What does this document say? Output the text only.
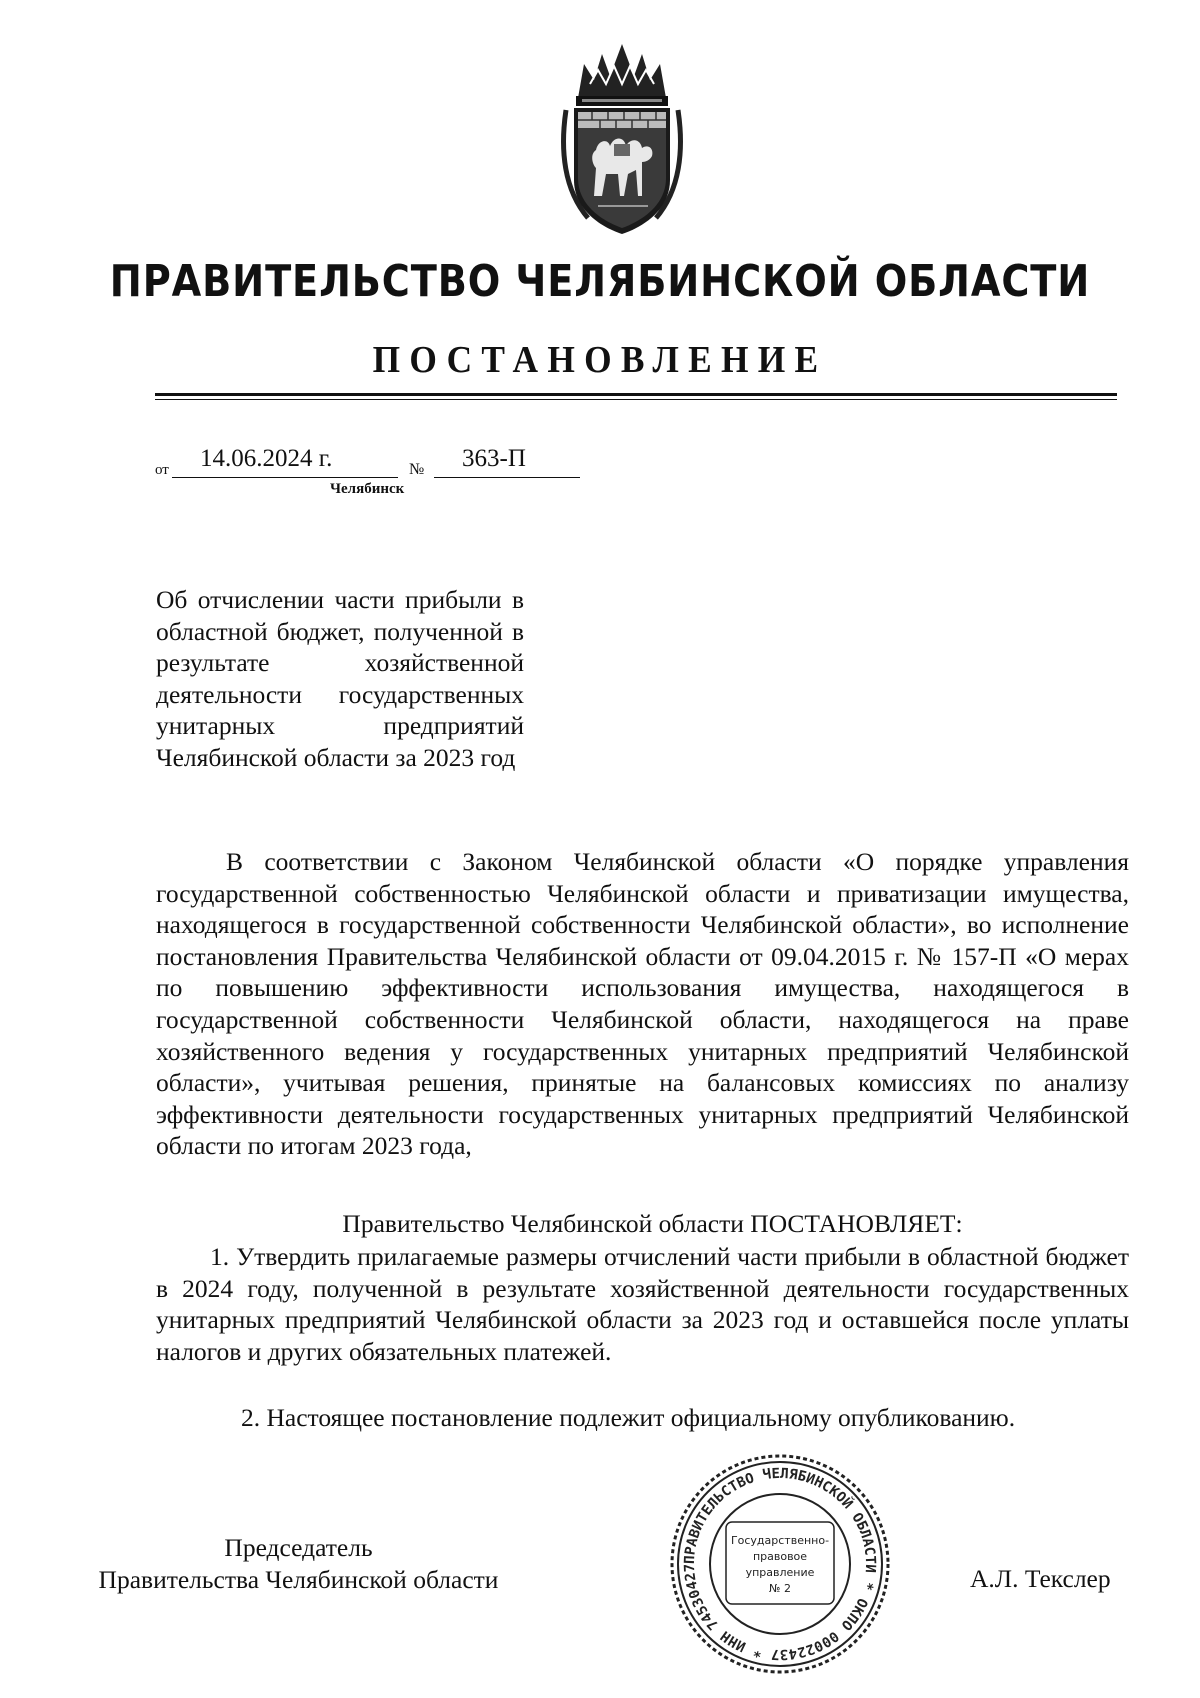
ПРАВИТЕЛЬСТВО ЧЕЛЯБИНСКОЙ ОБЛАСТИ
ПОСТАНОВЛЕНИЕ
от 14.06.2024 г.	№ 363-П
Челябинск
Об отчислении части прибыли в областной бюджет, полученной в результате хозяйственной деятельности государственных унитарных предприятий Челябинской области за 2023 год
В соответствии с Законом Челябинской области «О порядке управления государственной собственностью Челябинской области и приватизации имущества, находящегося в государственной собственности Челябинской области», во исполнение постановления Правительства Челябинской области от 09.04.2015 г. № 157-П «О мерах по повышению эффективности использования имущества, находящегося в государственной собственности Челябинской области, находящегося на праве хозяйственного ведения у государственных унитарных предприятий Челябинской области», учитывая решения, принятые на балансовых комиссиях по анализу эффективности деятельности государственных унитарных предприятий Челябинской области по итогам 2023 года,
Правительство Челябинской области ПОСТАНОВЛЯЕТ:
1. Утвердить прилагаемые размеры отчислений части прибыли в областной бюджет в 2024 году, полученной в результате хозяйственной деятельности государственных унитарных предприятий Челябинской области за 2023 год и оставшейся после уплаты налогов и других обязательных платежей.
2. Настоящее постановление подлежит официальному опубликованию.
Председатель
Правительства Челябинской области	А.Л. Текслер
ПРАВИТЕЛЬСТВО ЧЕЛЯБИНСКОЙ ОБЛАСТИ * ОКПО 00022437 * ИНН 74530427
Государственно-
правовое
управление
№ 2
